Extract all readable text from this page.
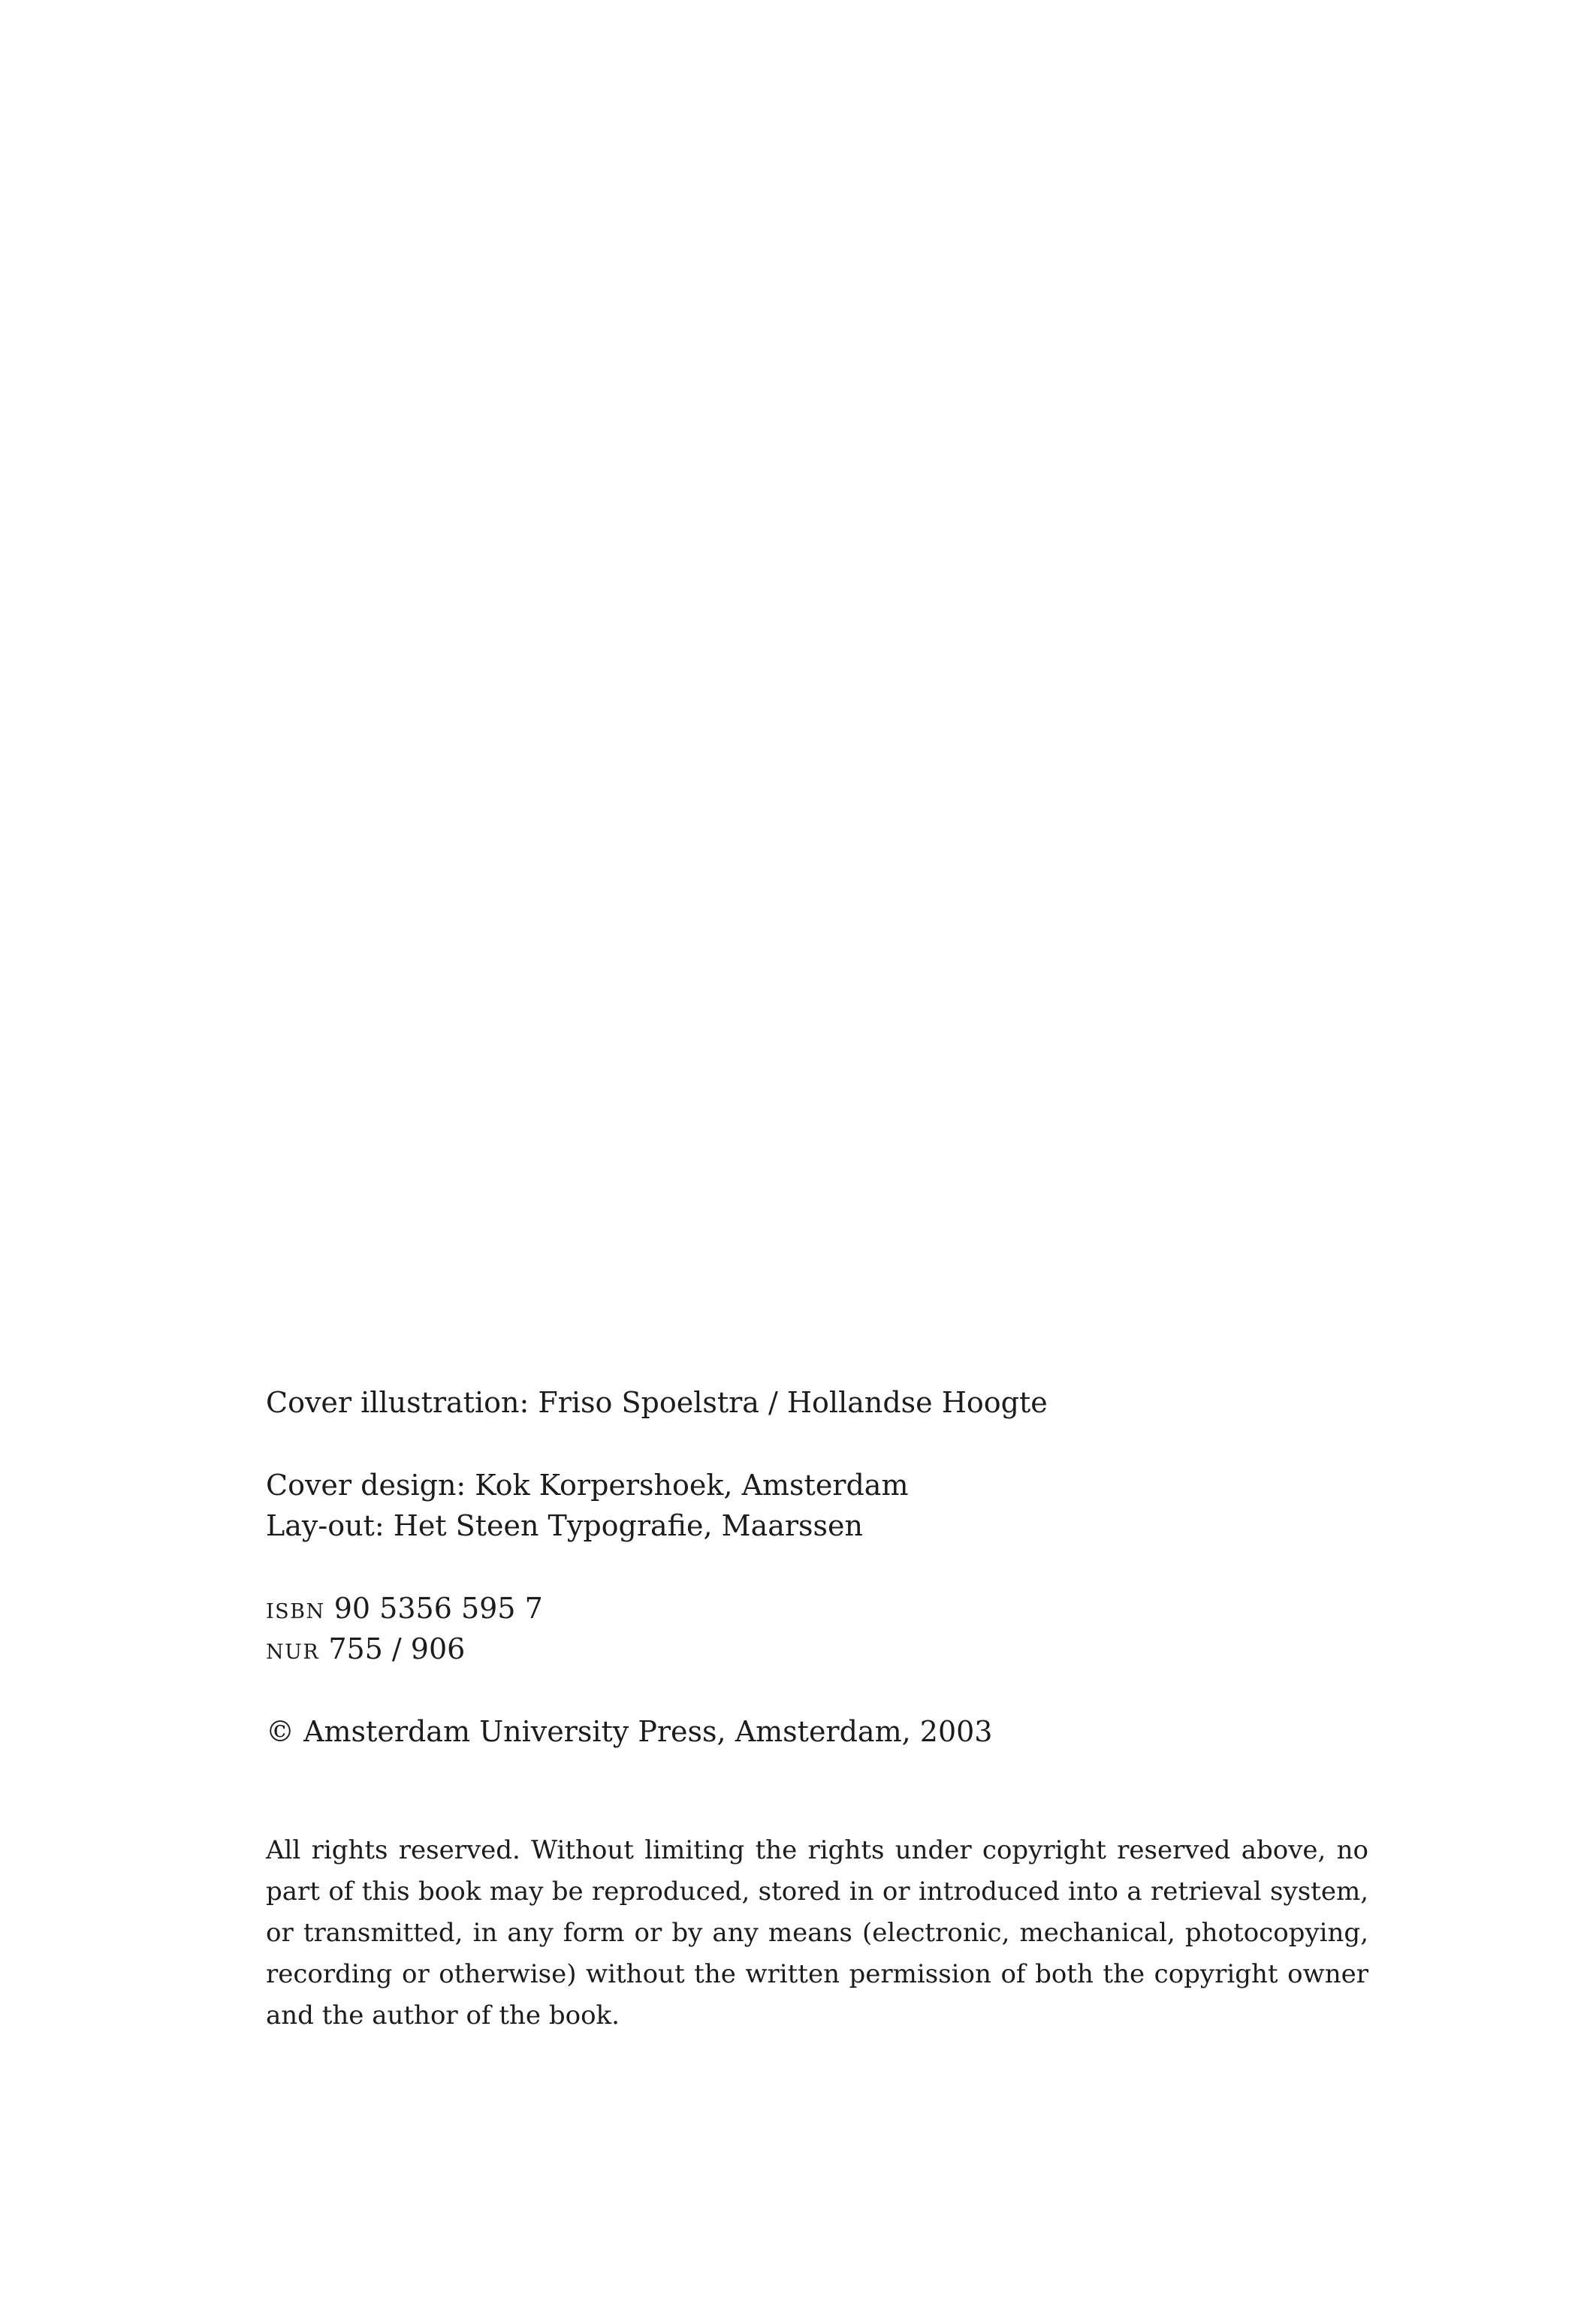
Cover illustration: Friso Spoelstra / Hollandse Hoogte
Cover design: Kok Korpershoek, Amsterdam
Lay-out: Het Steen Typografie, Maarssen
isbn 90 5356 595 7
nur 755 / 906
© Amsterdam University Press, Amsterdam, 2003
All rights reserved. Without limiting the rights under copyright reserved above, no part of this book may be reproduced, stored in or introduced into a retrieval system, or transmitted, in any form or by any means (electronic, mechanical, photocopying, recording or otherwise) without the written permission of both the copyright owner and the author of the book.
